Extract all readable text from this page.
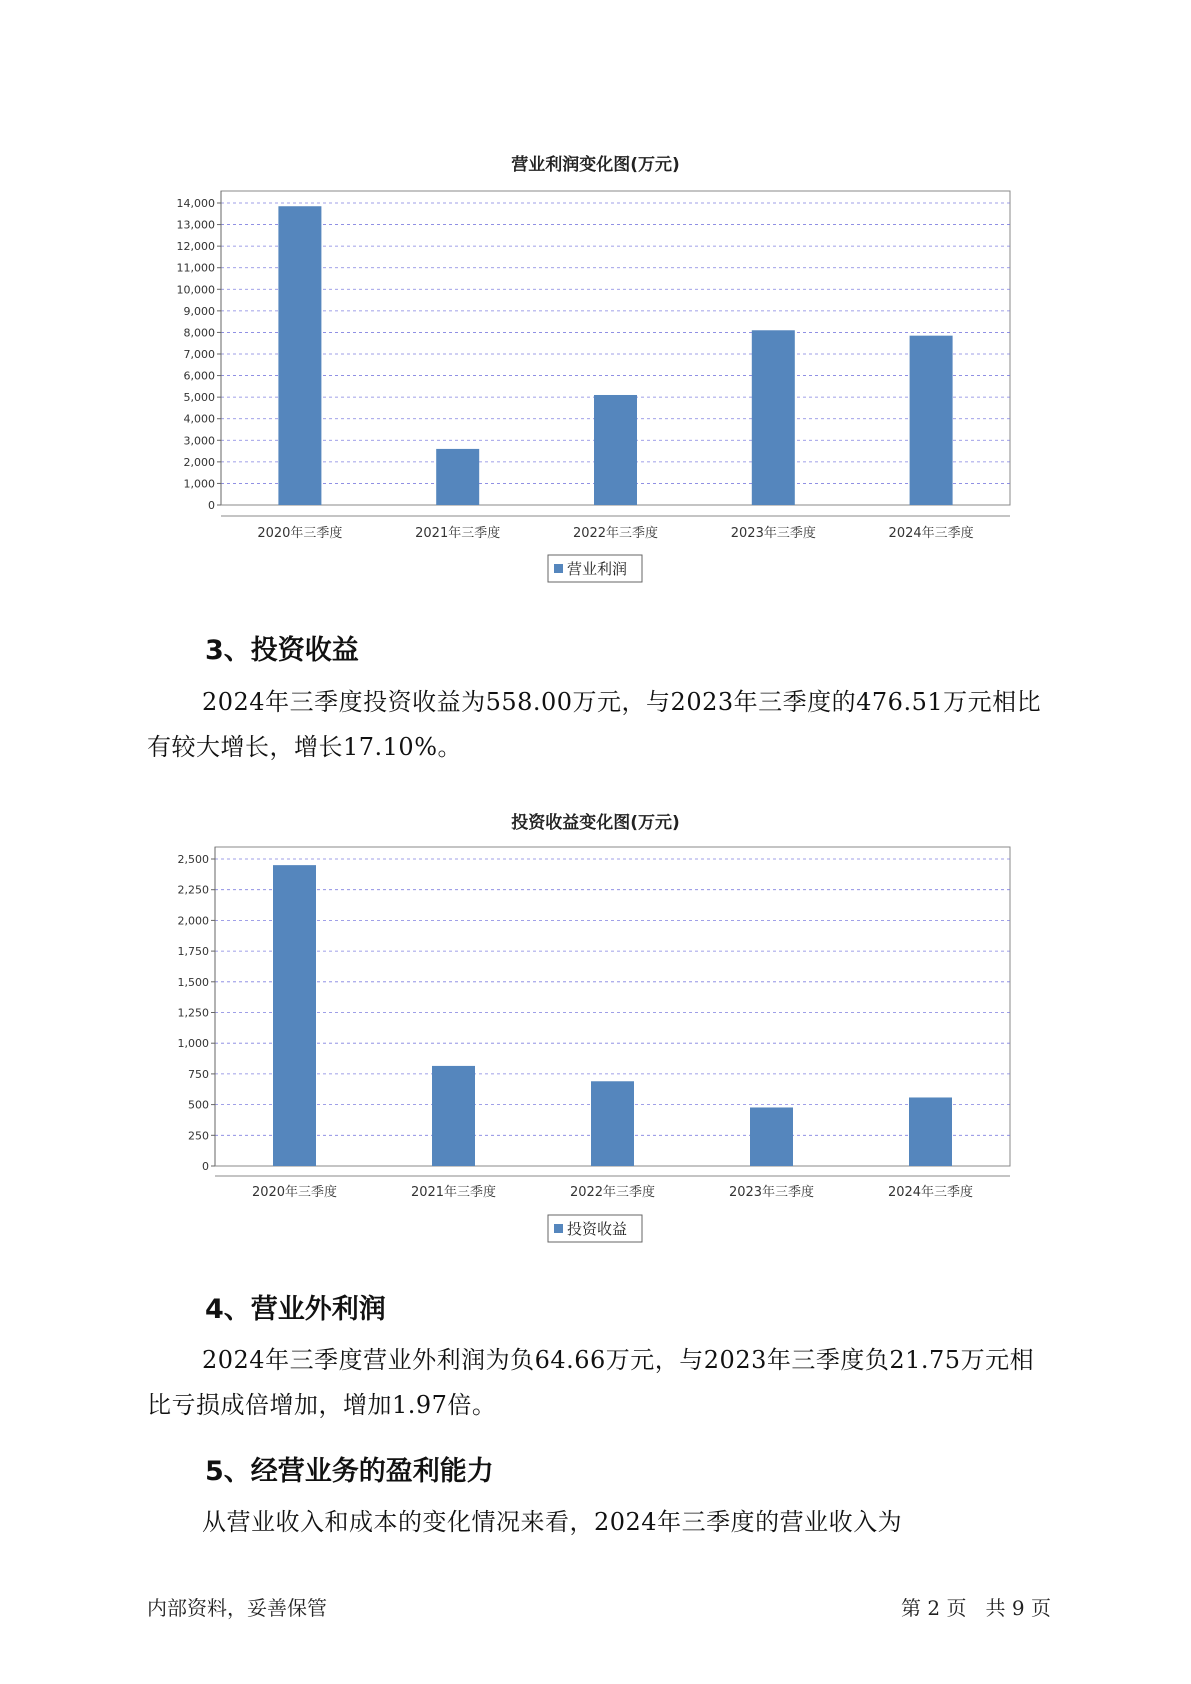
营业利润变化图(万元)
0
1,000
2,000
3,000
4,000
5,000
6,000
7,000
8,000
9,000
10,000
11,000
12,000
13,000
14,000
2020年三季度	2021年三季度	2022年三季度	2023年三季度	2024年三季度
营业利润
3、投资收益

2024年三季度投资收益为558.00万元，与2023年三季度的476.51万元相比有较大增长，增长17.10%。

投资收益变化图(万元)
0
250
500
750
1,000
1,250
1,500
1,750
2,000
2,250
2,500
2020年三季度	2021年三季度	2022年三季度	2023年三季度	2024年三季度
投资收益
4、营业外利润

2024年三季度营业外利润为负64.66万元，与2023年三季度负21.75万元相比亏损成倍增加，增加1.97倍。

5、经营业务的盈利能力

从营业收入和成本的变化情况来看，2024年三季度的营业收入为

内部资料，妥善保管	第 2 页   共 9 页
